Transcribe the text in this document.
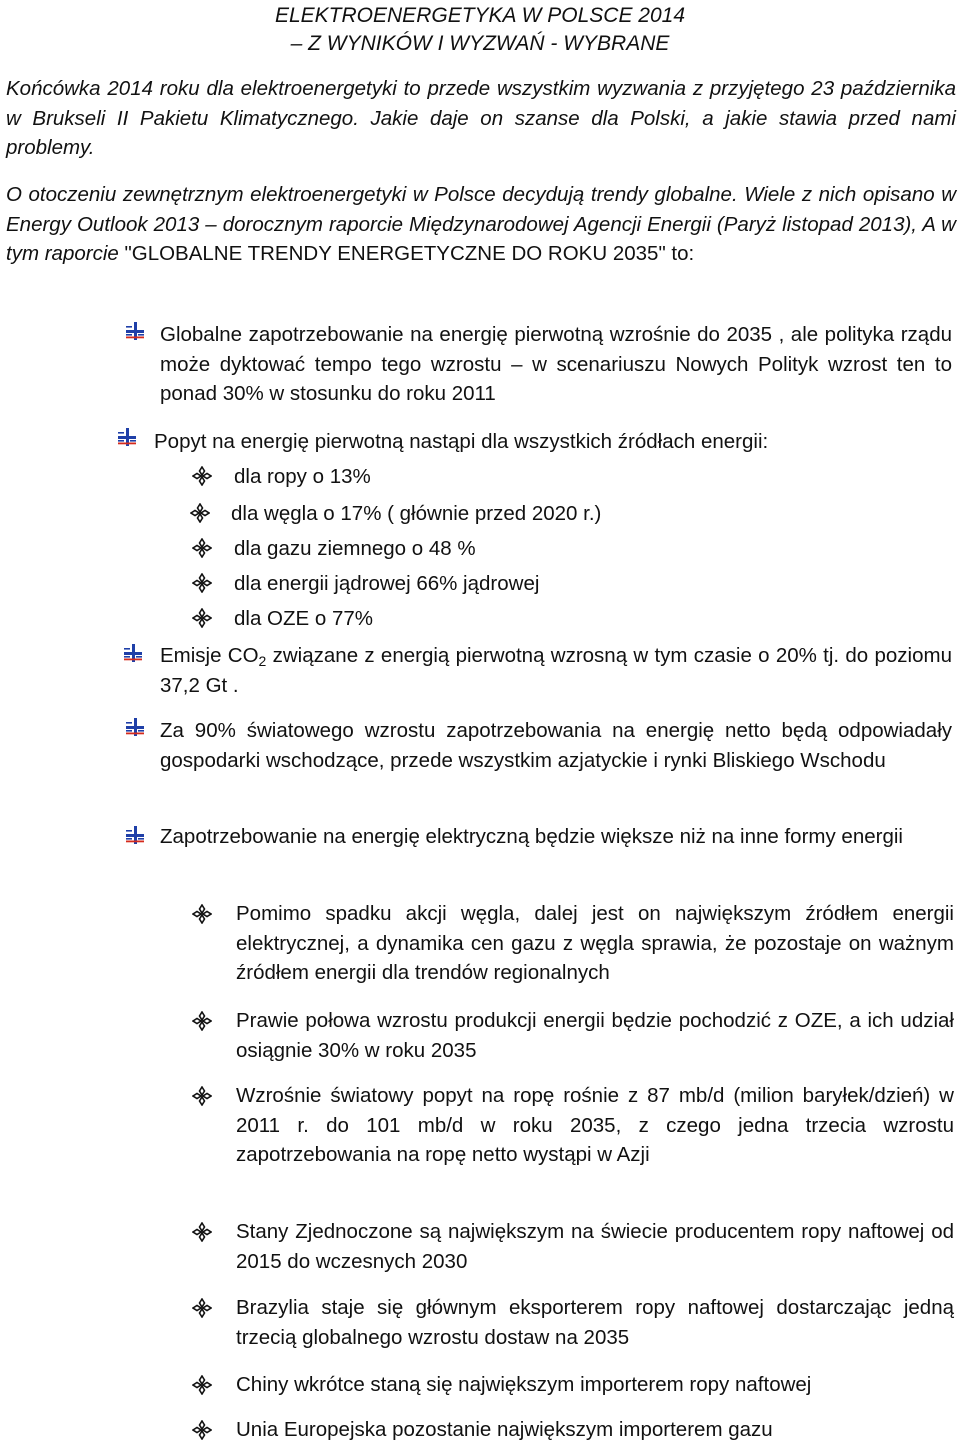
ELEKTROENERGETYKA W POLSCE 2014
– Z WYNIKÓW I WYZWAŃ - WYBRANE

Końcówka 2014 roku dla elektroenergetyki to przede wszystkim wyzwania z przyjętego 23 października w Brukseli II Pakietu Klimatycznego. Jakie daje on szanse dla Polski, a jakie stawia przed nami problemy.

O otoczeniu zewnętrznym elektroenergetyki w Polsce decydują trendy globalne. Wiele z nich opisano w Energy Outlook 2013 – dorocznym raporcie Międzynarodowej Agencji Energii (Paryż listopad 2013), A w tym raporcie "GLOBALNE TRENDY ENERGETYCZNE DO ROKU 2035" to:

Globalne zapotrzebowanie na energię pierwotną wzrośnie do 2035 , ale polityka rządu może dyktować tempo tego wzrostu – w scenariuszu Nowych Polityk wzrost ten to ponad 30% w stosunku do roku 2011

Popyt na energię pierwotną nastąpi dla wszystkich źródłach energii:

dla ropy o 13%

dla węgla o 17% ( głównie przed 2020 r.)

dla gazu ziemnego o 48 %

dla energii jądrowej 66% jądrowej

dla OZE o 77%

Emisje $CO_2$ związane z energią pierwotną wzrosną w tym czasie o 20% tj. do poziomu 37,2 Gt .

Za 90% światowego wzrostu zapotrzebowania na energię netto będą odpowiadały gospodarki wschodzące, przede wszystkim azjatyckie i rynki Bliskiego Wschodu

Zapotrzebowanie na energię elektryczną będzie większe niż na inne formy energii

Pomimo spadku akcji węgla, dalej jest on największym źródłem energii elektrycznej, a dynamika cen gazu z węgla sprawia, że pozostaje on ważnym źródłem energii dla trendów regionalnych

Prawie połowa wzrostu produkcji energii będzie pochodzić z OZE, a ich udział osiągnie 30% w roku 2035

Wzrośnie światowy popyt na ropę rośnie z 87 mb/d (milion baryłek/dzień) w 2011 r. do 101 mb/d w roku 2035, z czego jedna trzecia wzrostu zapotrzebowania na ropę netto wystąpi w Azji

Stany Zjednoczone są największym na świecie producentem ropy naftowej od 2015 do wczesnych 2030

Brazylia staje się głównym eksporterem ropy naftowej dostarczając jedną trzecią globalnego wzrostu dostaw na 2035

Chiny wkrótce staną się największym importerem ropy naftowej

Unia Europejska pozostanie największym importerem gazu
